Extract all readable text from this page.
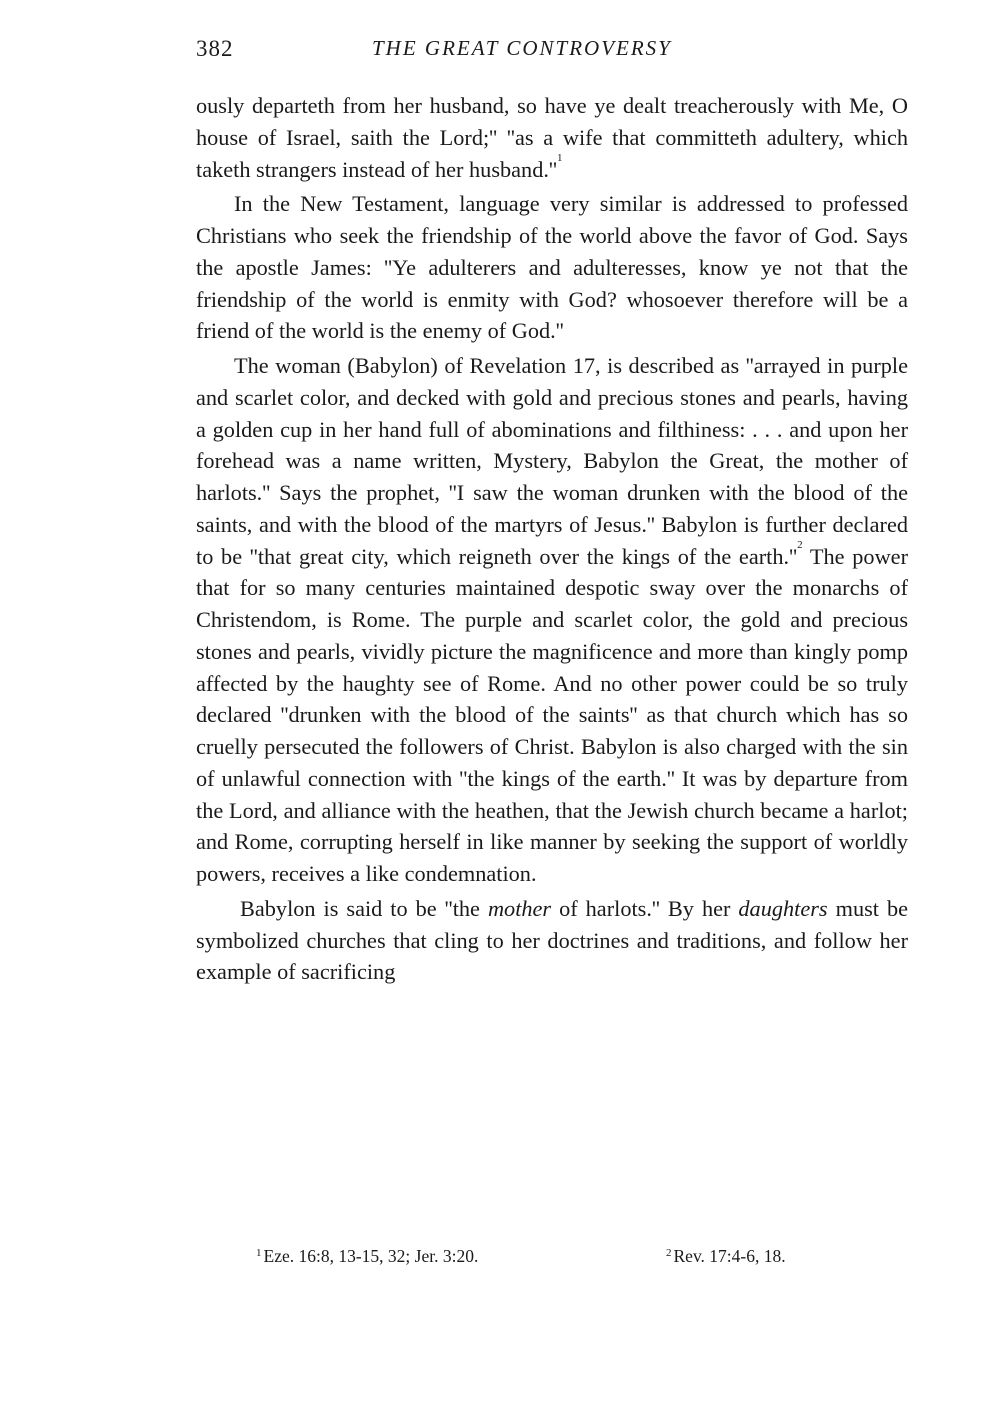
382	THE GREAT CONTROVERSY

ously departeth from her husband, so have ye dealt treacherously with Me, O house of Israel, saith the Lord;'' ''as a wife that committeth adultery, which taketh strangers instead of her $husband.''^1$

In the New Testament, language very similar is addressed to professed Christians who seek the friendship of the world above the favor of God. Says the apostle James: ''Ye adulterers and adulteresses, know ye not that the friendship of the world is enmity with God? whosoever therefore will be a friend of the world is the enemy of God.''

The woman (Babylon) of Revelation 17, is described as ''arrayed in purple and scarlet color, and decked with gold and precious stones and pearls, having a golden cup in her hand full of abominations and filthiness: . . . and upon her forehead was a name written, Mystery, Babylon the Great, the mother of harlots.'' Says the prophet, ''I saw the woman drunken with the blood of the saints, and with the blood of the martyrs of Jesus.'' Babylon is further declared to be ''that great city, which reigneth over the kings of the $earth.''^2$ The power that for so many centuries maintained despotic sway over the monarchs of Christendom, is Rome. The purple and scarlet color, the gold and precious stones and pearls, vividly picture the magnificence and more than kingly pomp affected by the haughty see of Rome. And no other power could be so truly declared ''drunken with the blood of the saints'' as that church which has so cruelly persecuted the followers of Christ. Babylon is also charged with the sin of unlawful connection with ''the kings of the earth.'' It was by departure from the Lord, and alliance with the heathen, that the Jewish church became a harlot; and Rome, corrupting herself in like manner by seeking the support of worldly powers, receives a like condemnation.

Babylon is said to be ''the mother of harlots.'' By her daughters must be symbolized churches that cling to her doctrines and traditions, and follow her example of sacrificing

$^1$ Eze. 16:8, 13-15, 32; Jer. 3:20.	$^2$ Rev. 17:4-6, 18.
